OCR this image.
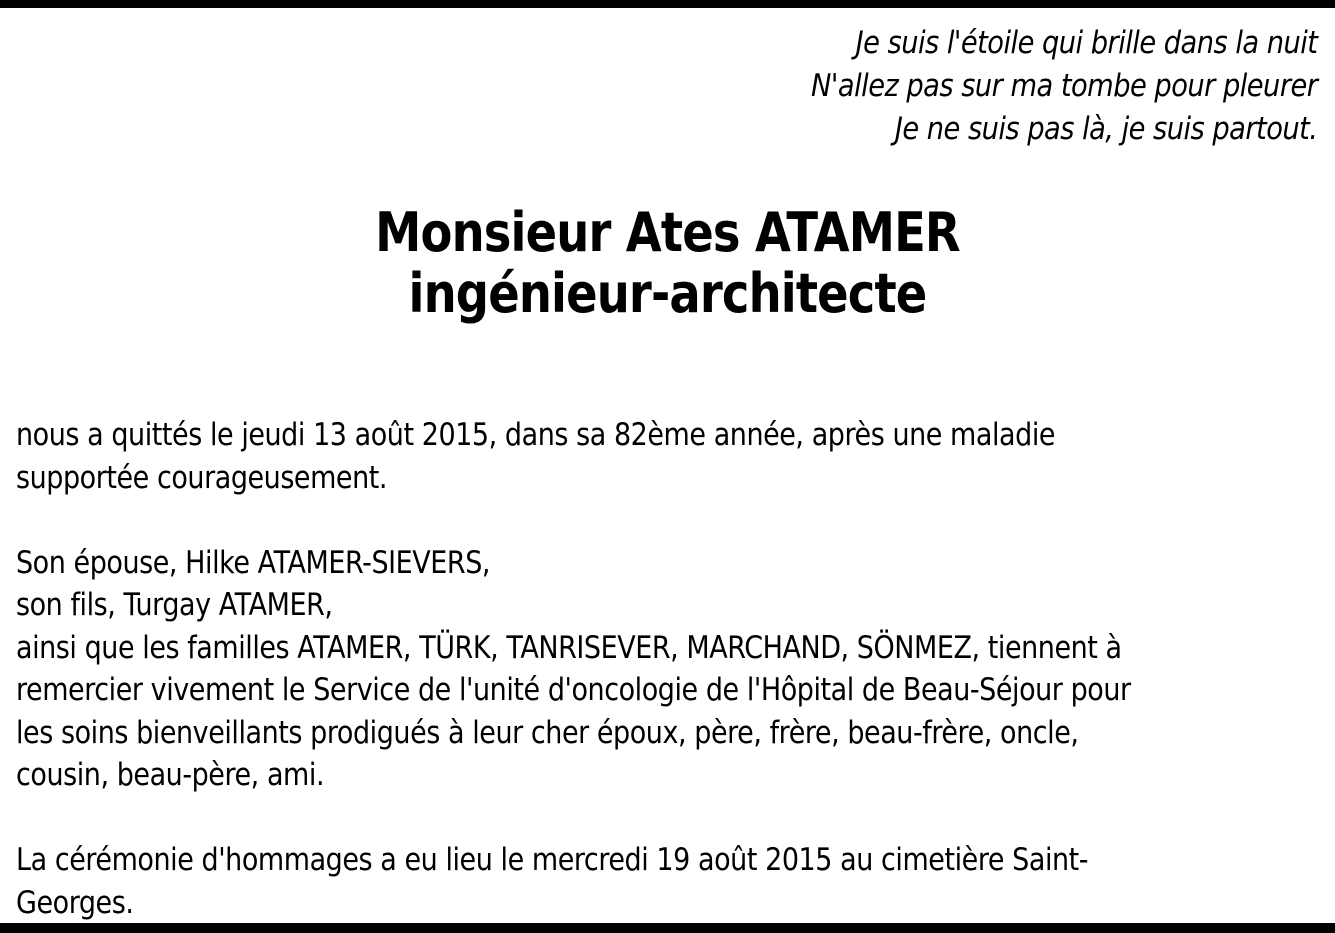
Je suis l'étoile qui brille dans la nuit
N'allez pas sur ma tombe pour pleurer
Je ne suis pas là, je suis partout.
Monsieur Ates ATAMER
ingénieur-architecte
nous a quittés le jeudi 13 août 2015, dans sa 82ème année, après une maladie
supportée courageusement.
Son épouse, Hilke ATAMER-SIEVERS,
son fils, Turgay ATAMER,
ainsi que les familles ATAMER, TÜRK, TANRISEVER, MARCHAND, SÖNMEZ, tiennent à
remercier vivement le Service de l'unité d'oncologie de l'Hôpital de Beau-Séjour pour
les soins bienveillants prodigués à leur cher époux, père, frère, beau-frère, oncle,
cousin, beau-père, ami.
La cérémonie d'hommages a eu lieu le mercredi 19 août 2015 au cimetière Saint-
Georges.
